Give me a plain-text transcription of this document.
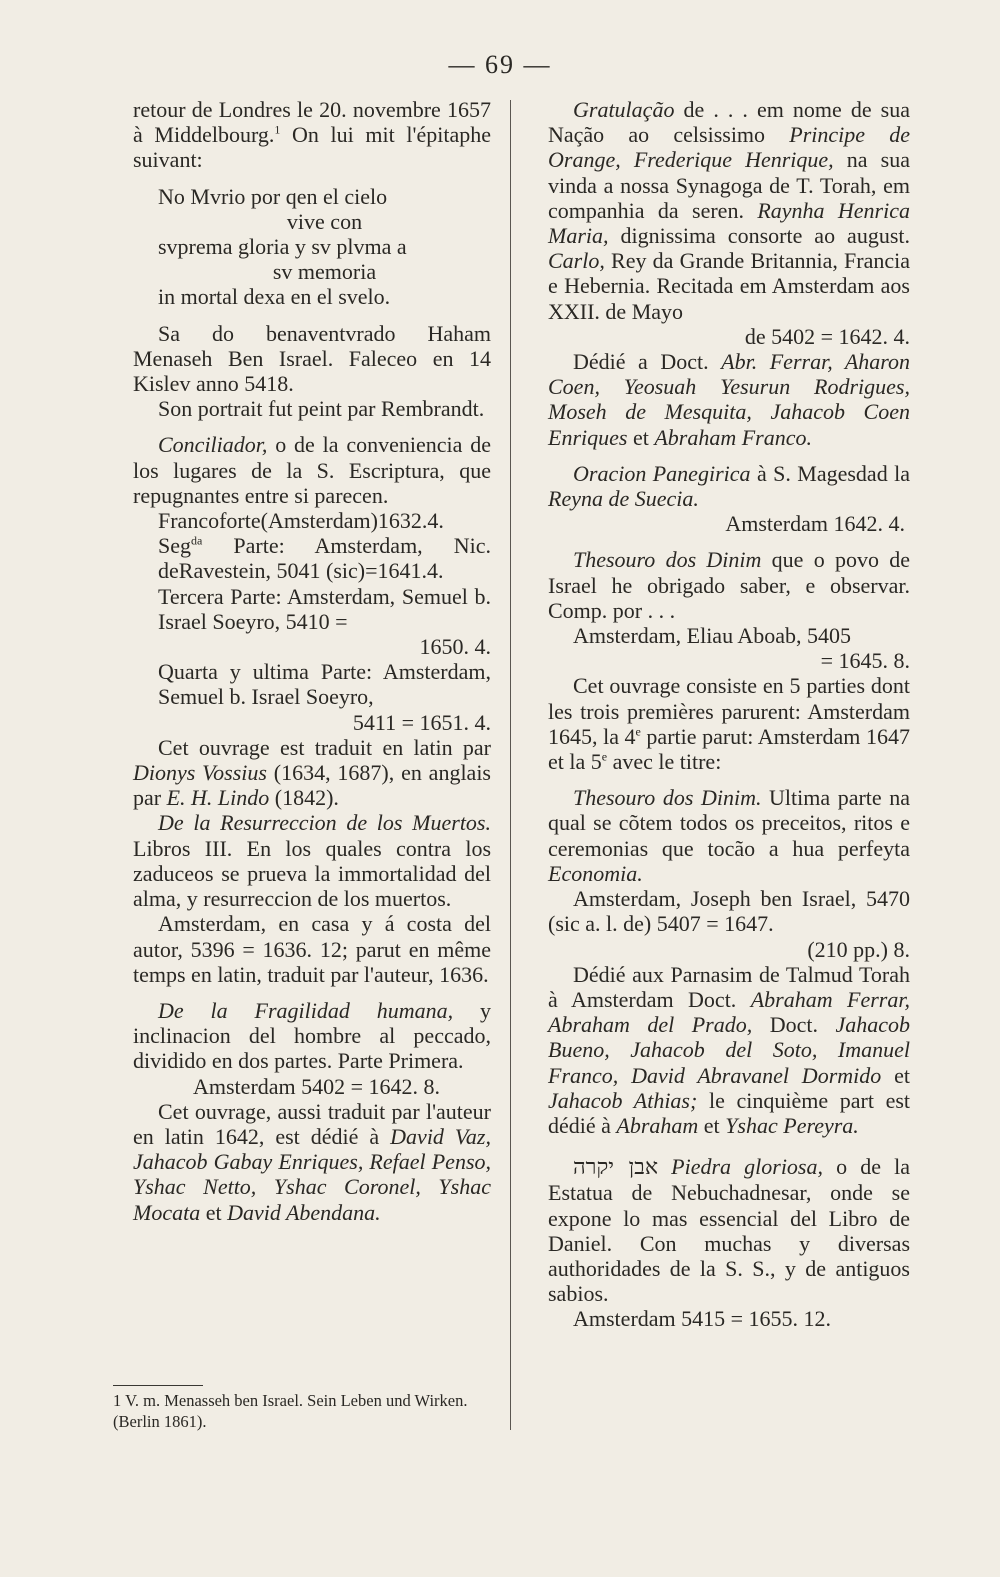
— 69 —

retour de Londres le 20. novembre 1657 à Middelbourg.$^1$ On lui mit l'épitaphe suivant:

No Mvrio por qen el cielo

vive con

svprema gloria y sv plvma a

sv memoria

in mortal dexa en el svelo.

Sa do benaventvrado Haham Menaseh Ben Israel. Faleceo en 14 Kislev anno 5418.

Son portrait fut peint par Rembrandt.

Conciliador, o de la conveniencia de los lugares de la S. Escriptura, que repugnantes entre si parecen.

Francoforte(Amsterdam)1632.4.

Seg$^{da}$ Parte: Amsterdam, Nic. deRavestein, 5041 (sic)=1641.4.

Tercera Parte: Amsterdam, Semuel b. Israel Soeyro, 5410 =

1650. 4.

Quarta y ultima Parte: Amsterdam, Semuel b. Israel Soeyro,

5411 = 1651. 4.

Cet ouvrage est traduit en latin par Dionys Vossius (1634, 1687), en anglais par E. H. Lindo (1842).

De la Resurreccion de los Muertos. Libros III. En los quales contra los zaduceos se prueva la immortalidad del alma, y resurreccion de los muertos.

Amsterdam, en casa y á costa del autor, 5396 = 1636. 12; parut en même temps en latin, traduit par l'auteur, 1636.

De la Fragilidad humana, y inclinacion del hombre al peccado, dividido en dos partes. Parte Primera.

Amsterdam 5402 = 1642. 8.

Cet ouvrage, aussi traduit par l'auteur en latin 1642, est dédié à David Vaz, Jahacob Gabay Enriques, Refael Penso, Yshac Netto, Yshac Coronel, Yshac Mocata et David Abendana.

1 V. m. Menasseh ben Israel. Sein Leben und Wirken. (Berlin 1861).

Gratulação de . . . em nome de sua Nação ao celsissimo Principe de Orange, Frederique Henrique, na sua vinda a nossa Synagoga de T. Torah, em companhia da seren. Raynha Henrica Maria, dignissima consorte ao august. Carlo, Rey da Grande Britannia, Francia e Hebernia. Recitada em Amsterdam aos XXII. de Mayo

de 5402 = 1642. 4.

Dédié a Doct. Abr. Ferrar, Aharon Coen, Yeosuah Yesurun Rodrigues, Moseh de Mesquita, Jahacob Coen Enriques et Abraham Franco.

Oracion Panegirica à S. Magesdad la Reyna de Suecia.

Amsterdam 1642. 4.

Thesouro dos Dinim que o povo de Israel he obrigado saber, e observar. Comp. por . . .

Amsterdam, Eliau Aboab, 5405

= 1645. 8.

Cet ouvrage consiste en 5 parties dont les trois premières parurent: Amsterdam 1645, la 4e partie parut: Amsterdam 1647 et la 5e avec le titre:

Thesouro dos Dinim. Ultima parte na qual se cõtem todos os preceitos, ritos e ceremonias que tocão a hua perfeyta Economia.

Amsterdam, Joseph ben Israel, 5470 (sic a. l. de) 5407 = 1647.

(210 pp.) 8.

Dédié aux Parnasim de Talmud Torah à Amsterdam Doct. Abraham Ferrar, Abraham del Prado, Doct. Jahacob Bueno, Jahacob del Soto, Imanuel Franco, David Abravanel Dormido et Jahacob Athias; le cinquième part est dédié à Abraham et Yshac Pereyra.

אבן יקרה Piedra gloriosa, o de la Estatua de Nebuchadnesar, onde se expone lo mas essencial del Libro de Daniel. Con muchas y diversas authoridades de la S. S., y de antiguos sabios.

Amsterdam 5415 = 1655. 12.
